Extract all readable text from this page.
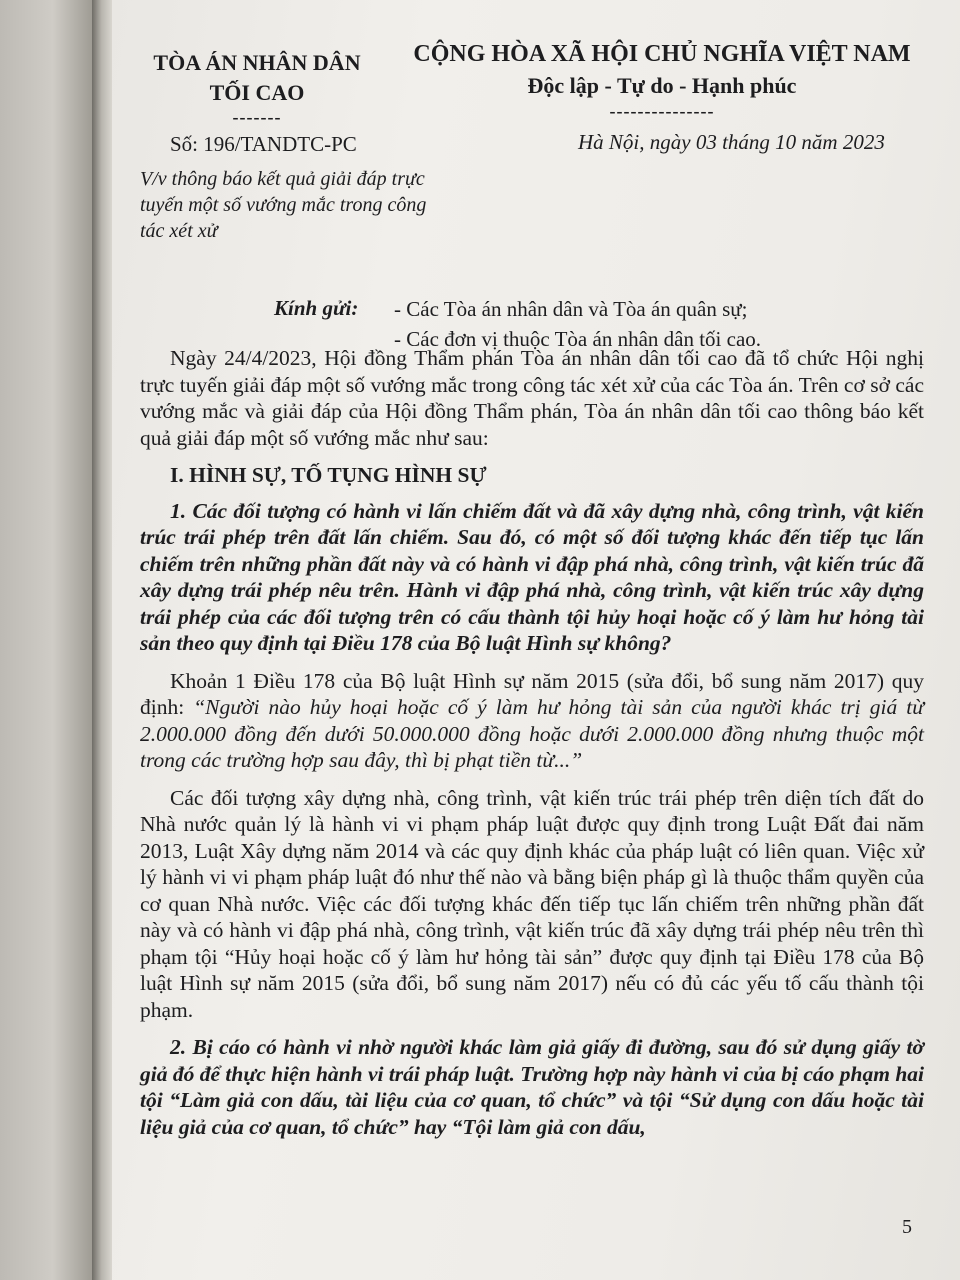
TÒA ÁN NHÂN DÂN
TỐI CAO
-------
CỘNG HÒA XÃ HỘI CHỦ NGHĨA VIỆT NAM
Độc lập - Tự do - Hạnh phúc
---------------
Số: 196/TANDTC-PC
V/v thông báo kết quả giải đáp trực tuyến một số vướng mắc trong công tác xét xử
Hà Nội, ngày 03 tháng 10 năm 2023
Kính gửi: - Các Tòa án nhân dân và Tòa án quân sự;
- Các đơn vị thuộc Tòa án nhân dân tối cao.

Ngày 24/4/2023, Hội đồng Thẩm phán Tòa án nhân dân tối cao đã tổ chức Hội nghị trực tuyến giải đáp một số vướng mắc trong công tác xét xử của các Tòa án. Trên cơ sở các vướng mắc và giải đáp của Hội đồng Thẩm phán, Tòa án nhân dân tối cao thông báo kết quả giải đáp một số vướng mắc như sau:

I. HÌNH SỰ, TỐ TỤNG HÌNH SỰ

1. Các đối tượng có hành vi lấn chiếm đất và đã xây dựng nhà, công trình, vật kiến trúc trái phép trên đất lấn chiếm. Sau đó, có một số đối tượng khác đến tiếp tục lấn chiếm trên những phần đất này và có hành vi đập phá nhà, công trình, vật kiến trúc đã xây dựng trái phép nêu trên. Hành vi đập phá nhà, công trình, vật kiến trúc xây dựng trái phép của các đối tượng trên có cấu thành tội hủy hoại hoặc cố ý làm hư hỏng tài sản theo quy định tại Điều 178 của Bộ luật Hình sự không?

Khoản 1 Điều 178 của Bộ luật Hình sự năm 2015 (sửa đổi, bổ sung năm 2017) quy định: “Người nào hủy hoại hoặc cố ý làm hư hỏng tài sản của người khác trị giá từ 2.000.000 đồng đến dưới 50.000.000 đồng hoặc dưới 2.000.000 đồng nhưng thuộc một trong các trường hợp sau đây, thì bị phạt tiền từ...”

Các đối tượng xây dựng nhà, công trình, vật kiến trúc trái phép trên diện tích đất do Nhà nước quản lý là hành vi vi phạm pháp luật được quy định trong Luật Đất đai năm 2013, Luật Xây dựng năm 2014 và các quy định khác của pháp luật có liên quan. Việc xử lý hành vi vi phạm pháp luật đó như thế nào và bằng biện pháp gì là thuộc thẩm quyền của cơ quan Nhà nước. Việc các đối tượng khác đến tiếp tục lấn chiếm trên những phần đất này và có hành vi đập phá nhà, công trình, vật kiến trúc đã xây dựng trái phép nêu trên thì phạm tội “Hủy hoại hoặc cố ý làm hư hỏng tài sản” được quy định tại Điều 178 của Bộ luật Hình sự năm 2015 (sửa đổi, bổ sung năm 2017) nếu có đủ các yếu tố cấu thành tội phạm.

2. Bị cáo có hành vi nhờ người khác làm giả giấy đi đường, sau đó sử dụng giấy tờ giả đó để thực hiện hành vi trái pháp luật. Trường hợp này hành vi của bị cáo phạm hai tội “Làm giả con dấu, tài liệu của cơ quan, tổ chức” và tội “Sử dụng con dấu hoặc tài liệu giả của cơ quan, tổ chức” hay “Tội làm giả con dấu,

5
